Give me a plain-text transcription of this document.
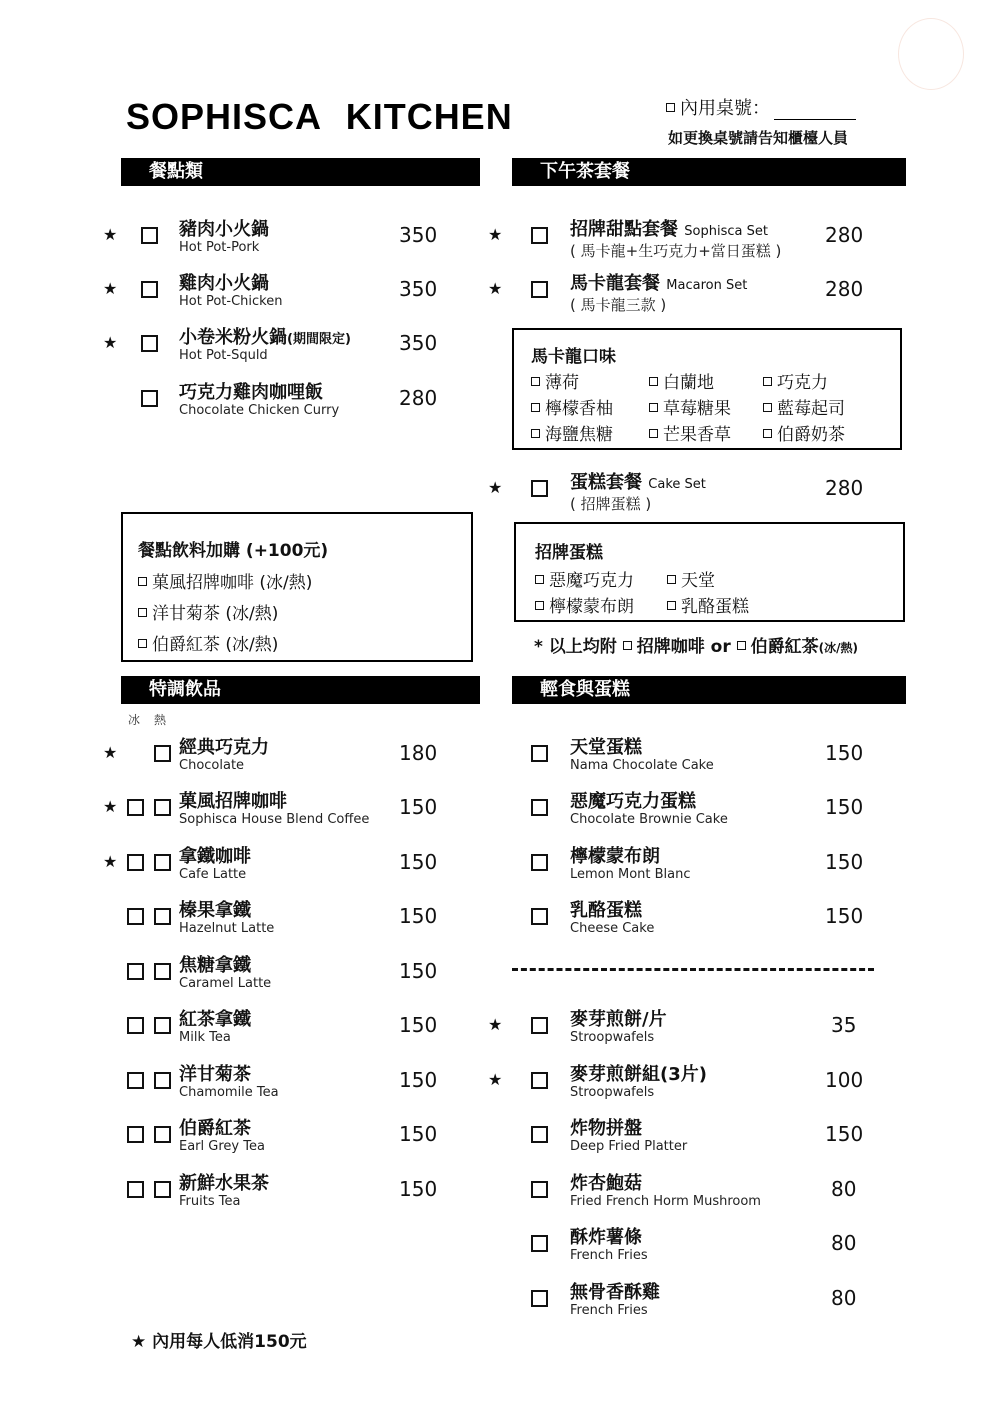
SOPHISCA KITCHEN	內用桌號：
如更換桌號請告知櫃檯人員
餐點類	下午茶套餐
特調飲品	輕食與蛋糕
★	豬肉小火鍋
Hot Pot-Pork
350
★	雞肉小火鍋
Hot Pot-Chicken
350
★	小卷米粉火鍋(期間限定)
Hot Pot-Squld
350
巧克力雞肉咖哩飯
Chocolate Chicken Curry
280
餐點飲料加購 (+100元)
菓風招牌咖啡 (冰/熱)
洋甘菊茶 (冰/熱)
伯爵紅茶 (冰/熱)
★	招牌甜點套餐 Sophisca Set
( 馬卡龍+生巧克力+當日蛋糕 )
280
★	馬卡龍套餐 Macaron Set
( 馬卡龍三款 )
280
馬卡龍口味
薄荷	白蘭地	巧克力
檸檬香柚	草莓糖果	藍莓起司
海鹽焦糖	芒果香草	伯爵奶茶
★	蛋糕套餐 Cake Set
( 招牌蛋糕 )
280
招牌蛋糕
惡魔巧克力	天堂
檸檬蒙布朗	乳酪蛋糕
* 以上均附 招牌咖啡 or 伯爵紅茶(冰/熱)
冰熱
★	經典巧克力
Chocolate
180
★	菓風招牌咖啡
Sophisca House Blend Coffee
150
★	拿鐵咖啡
Cafe Latte
150
榛果拿鐵
Hazelnut Latte
150
焦糖拿鐵
Caramel Latte
150
紅茶拿鐵
Milk Tea
150
洋甘菊茶
Chamomile Tea
150
伯爵紅茶
Earl Grey Tea
150
新鮮水果茶
Fruits Tea
150
天堂蛋糕
Nama Chocolate Cake
150
惡魔巧克力蛋糕
Chocolate Brownie Cake
150
檸檬蒙布朗
Lemon Mont Blanc
150
乳酪蛋糕
Cheese Cake
150
★	麥芽煎餅/片
Stroopwafels
35
★	麥芽煎餅組(3片)
Stroopwafels
100
炸物拼盤
Deep Fried Platter
150
炸杏鮑菇
Fried French Horm Mushroom
80
酥炸薯條
French Fries
80
無骨香酥雞
French Fries
80
★ 內用每人低消150元
